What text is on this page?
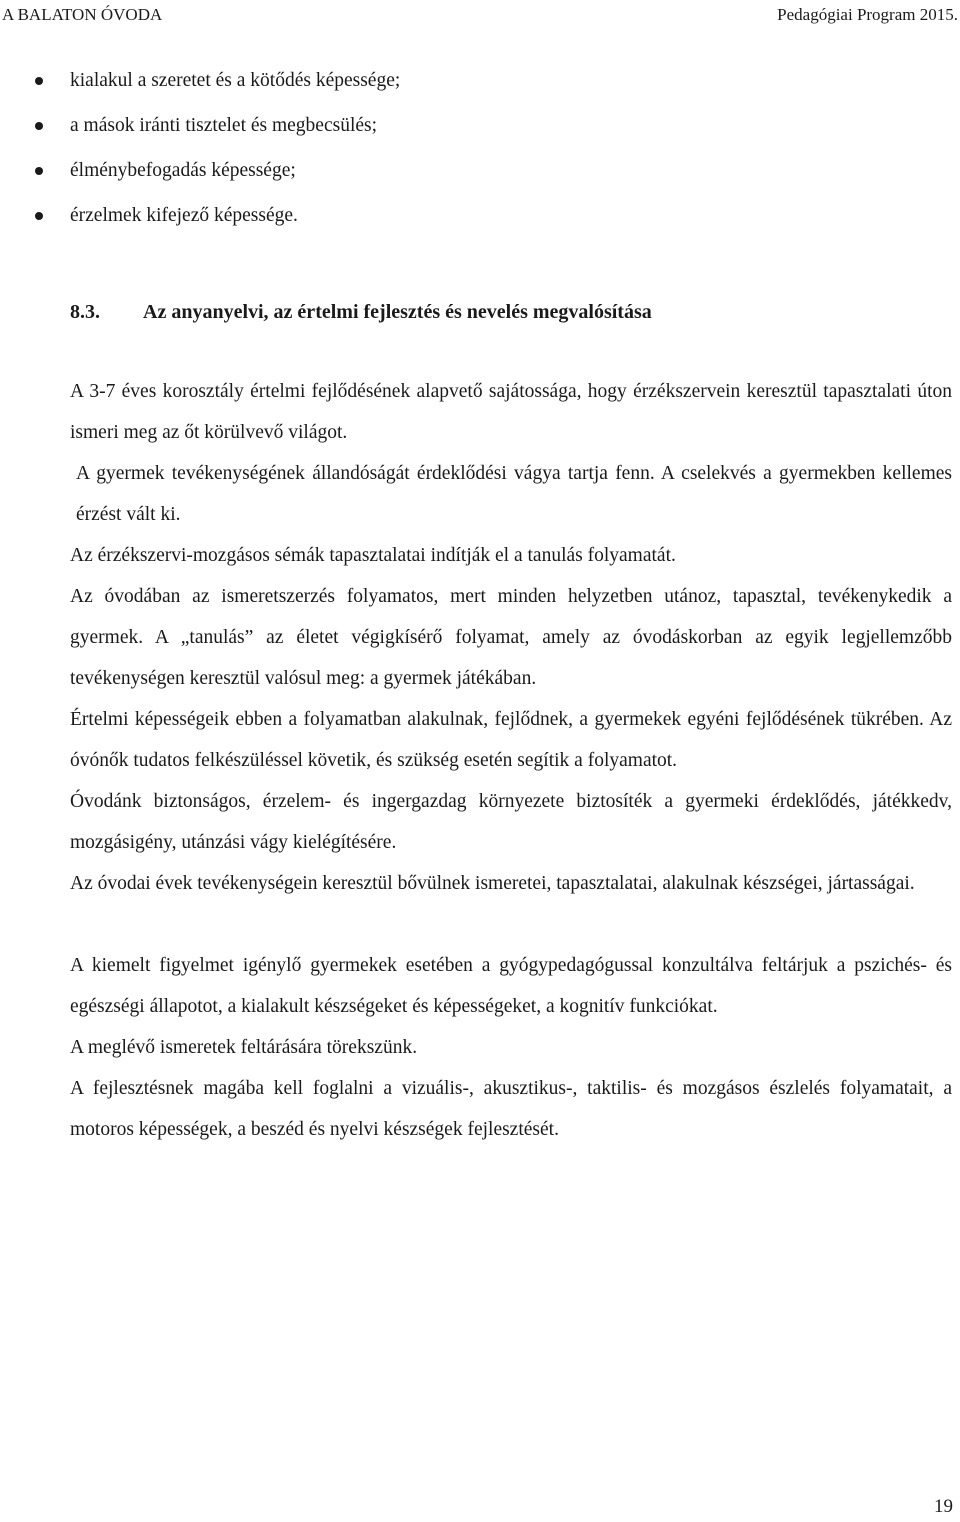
A BALATON ÓVODA	Pedagógiai Program 2015.
kialakul a szeretet és a kötődés képessége;
a mások iránti tisztelet és megbecsülés;
élménybefogadás képessége;
érzelmek kifejező képessége.
8.3. Az anyanyelvi, az értelmi fejlesztés és nevelés megvalósítása

A 3-7 éves korosztály értelmi fejlődésének alapvető sajátossága, hogy érzékszervein keresztül tapasztalati úton ismeri meg az őt körülvevő világot.

A gyermek tevékenységének állandóságát érdeklődési vágya tartja fenn. A cselekvés a gyermekben kellemes érzést vált ki.

Az érzékszervi-mozgásos sémák tapasztalatai indítják el a tanulás folyamatát.

Az óvodában az ismeretszerzés folyamatos, mert minden helyzetben utánoz, tapasztal, tevékenykedik a gyermek. A „tanulás” az életet végigkísérő folyamat, amely az óvodáskorban az egyik legjellemzőbb tevékenységen keresztül valósul meg: a gyermek játékában.

Értelmi képességeik ebben a folyamatban alakulnak, fejlődnek, a gyermekek egyéni fejlődésének tükrében. Az óvónők tudatos felkészüléssel követik, és szükség esetén segítik a folyamatot.

Óvodánk biztonságos, érzelem- és ingergazdag környezete biztosíték a gyermeki érdeklődés, játékkedv, mozgásigény, utánzási vágy kielégítésére.

Az óvodai évek tevékenységein keresztül bővülnek ismeretei, tapasztalatai, alakulnak készségei, jártasságai.

A kiemelt figyelmet igénylő gyermekek esetében a gyógypedagógussal konzultálva feltárjuk a pszichés- és egészségi állapotot, a kialakult készségeket és képességeket, a kognitív funkciókat.

A meglévő ismeretek feltárására törekszünk.

A fejlesztésnek magába kell foglalni a vizuális-, akusztikus-, taktilis- és mozgásos észlelés folyamatait, a motoros képességek, a beszéd és nyelvi készségek fejlesztését.

19
